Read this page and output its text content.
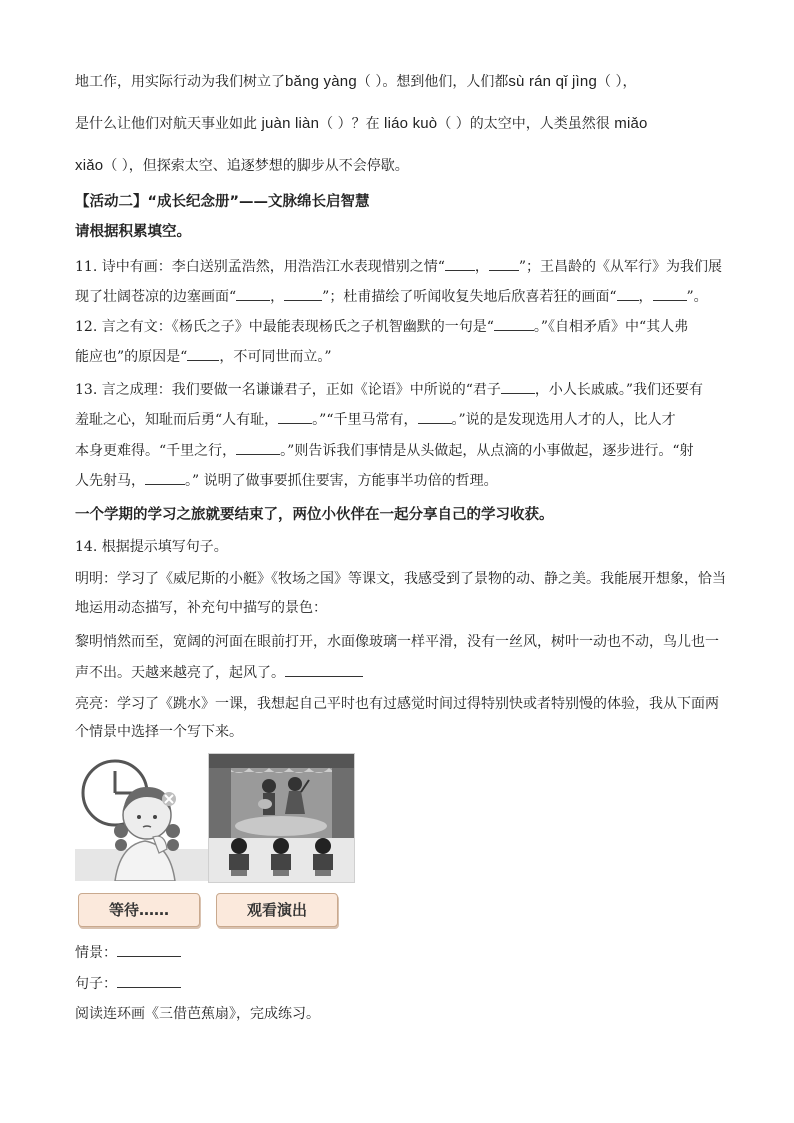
地工作，用实际行动为我们树立了bǎng yàng（ ）。想到他们，人们都sù rán qǐ jìng（ ），
是什么让他们对航天事业如此 juàn liàn（ ）？在 liáo kuò（ ）的太空中，人类虽然很 miǎo
xiǎo（ ），但探索太空、追逐梦想的脚步从不会停歇。
【活动二】“成长纪念册”——文脉绵长启智慧
请根据积累填空。
11. 诗中有画：李白送别孟浩然，用浩浩江水表现惜别之情“ ， ”；王昌龄的《从军行》为我们展
现了壮阔苍凉的边塞画面“ ，	”；杜甫描绘了听闻收复失地后欣喜若狂的画面“ ， ”。
12. 言之有文：《杨氏之子》中最能表现杨氏之子机智幽默的一句是“	。”《自相矛盾》中“其人弗
能应也”的原因是“ ，不可同世而立。”
13. 言之成理：我们要做一名谦谦君子，正如《论语》中所说的“君子 ，小人长戚戚。”我们还要有
羞耻之心，知耻而后勇“人有耻， 。”“千里马常有， 。”说的是发现选用人才的人，比人才
本身更难得。“千里之行，	。”则告诉我们事情是从头做起，从点滴的小事做起，逐步进行。“射
人先射马，	。” 说明了做事要抓住要害，方能事半功倍的哲理。
一个学期的学习之旅就要结束了，两位小伙伴在一起分享自己的学习收获。
14. 根据提示填写句子。
明明：学习了《威尼斯的小艇》《牧场之国》等课文，我感受到了景物的动、静之美。我能展开想象，恰当
地运用动态描写，补充句中描写的景色：
黎明悄然而至，宽阔的河面在眼前打开，水面像玻璃一样平滑，没有一丝风，树叶一动也不动，鸟儿也一
声不出。天越来越亮了，起风了。
亮亮：学习了《跳水》一课，我想起自己平时也有过感觉时间过得特别快或者特别慢的体验，我从下面两
个情景中选择一个写下来。
等待……	观看演出
情景：
句子：
阅读连环画《三借芭蕉扇》，完成练习。
